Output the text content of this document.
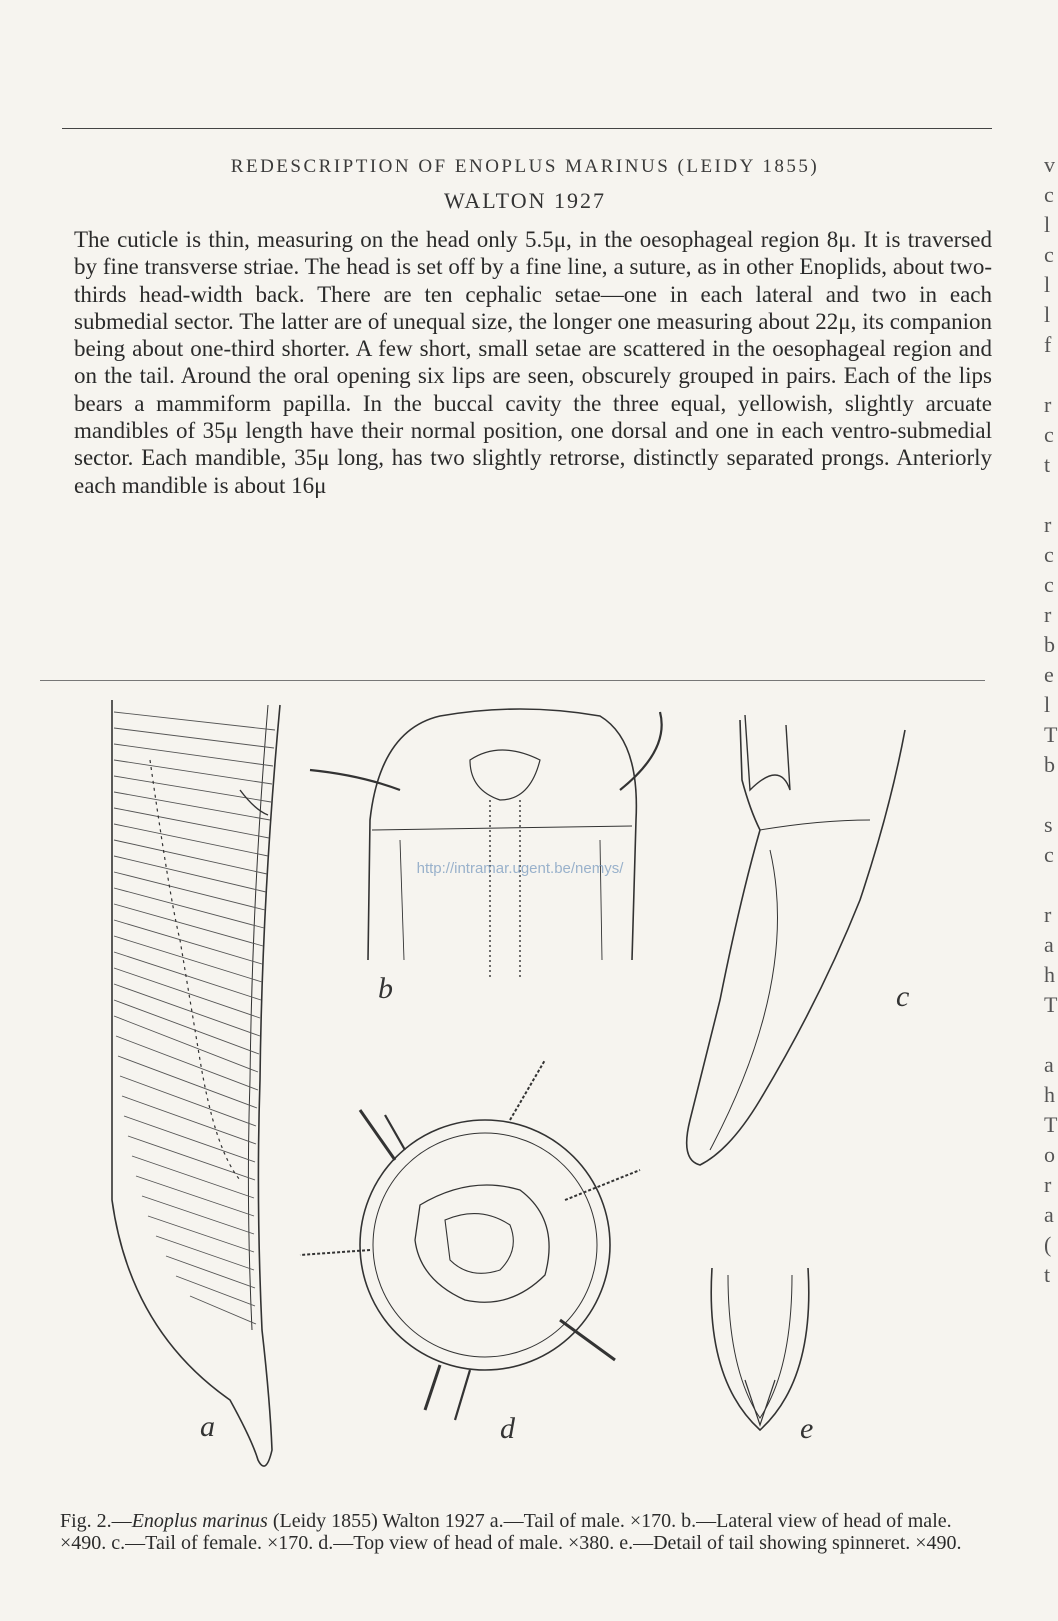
REDESCRIPTION OF ENOPLUS MARINUS (LEIDY 1855)
WALTON 1927

The cuticle is thin, measuring on the head only 5.5μ, in the oesophageal region 8μ. It is traversed by fine transverse striae. The head is set off by a fine line, a suture, as in other Enoplids, about two-thirds head-width back. There are ten cephalic setae—one in each lateral and two in each submedial sector. The latter are of unequal size, the longer one measuring about 22μ, its companion being about one-third shorter. A few short, small setae are scattered in the oesophageal region and on the tail. Around the oral opening six lips are seen, obscurely grouped in pairs. Each of the lips bears a mammiform papilla. In the buccal cavity the three equal, yellowish, slightly arcuate mandibles of 35μ length have their normal position, one dorsal and one in each ventro-submedial sector. Each mandible, 35μ long, has two slightly retrorse, distinctly separated prongs. Anteriorly each mandible is about 16μ

v
c
l
c
l
l
f

r
c
t

r
c
c
r
b
e
l
T
b

s
c

r
a
h
T

a
h
T
o
r
a
(
t
a
b	c
d	e
http://intramar.ugent.be/nemys/
Fig. 2.—Enoplus marinus (Leidy 1855) Walton 1927 a.—Tail of male. ×170. b.—Lateral view of head of male. ×490. c.—Tail of female. ×170. d.—Top view of head of male. ×380. e.—Detail of tail showing spinneret. ×490.
